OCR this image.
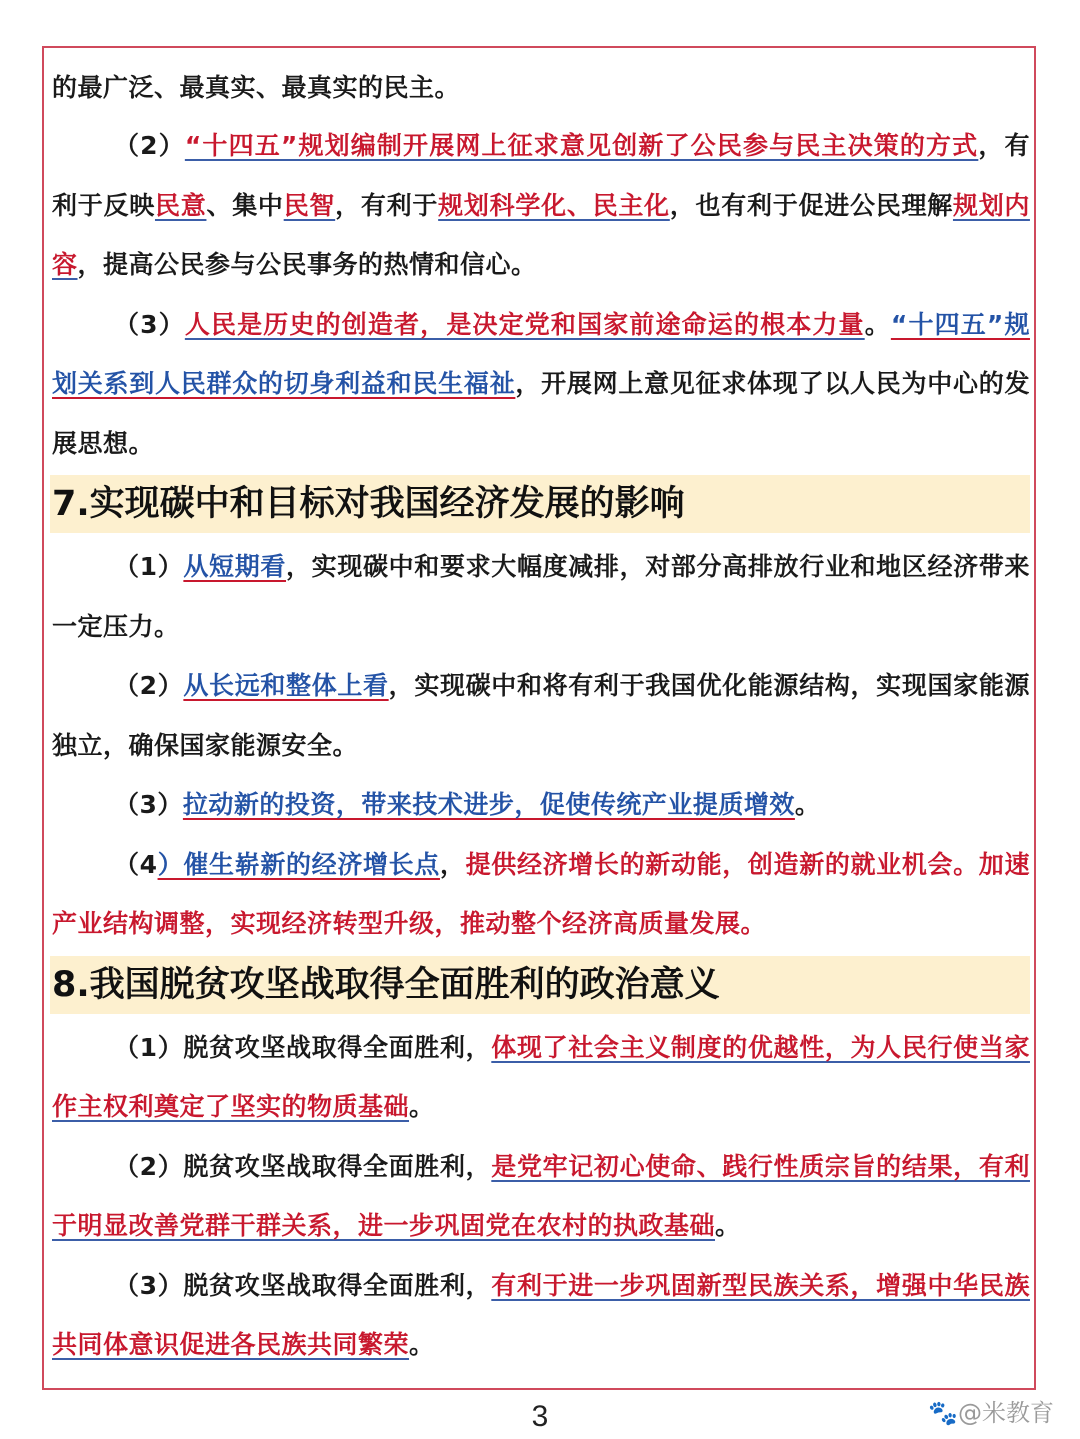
的最广泛、最真实、最真实的民主。

（2）“十四五”规划编制开展网上征求意见创新了公民参与民主决策的方式，有利于反映民意、集中民智，有利于规划科学化、民主化，也有利于促进公民理解规划内容，提高公民参与公民事务的热情和信心。

（3）人民是历史的创造者，是决定党和国家前途命运的根本力量。“十四五”规划关系到人民群众的切身利益和民生福祉，开展网上意见征求体现了以人民为中心的发展思想。

7.实现碳中和目标对我国经济发展的影响

（1）从短期看，实现碳中和要求大幅度减排，对部分高排放行业和地区经济带来一定压力。

（2）从长远和整体上看，实现碳中和将有利于我国优化能源结构，实现国家能源独立，确保国家能源安全。

（3）拉动新的投资，带来技术进步，促使传统产业提质增效。

（4）催生崭新的经济增长点，提供经济增长的新动能，创造新的就业机会。加速产业结构调整，实现经济转型升级，推动整个经济高质量发展。

8.我国脱贫攻坚战取得全面胜利的政治意义

（1）脱贫攻坚战取得全面胜利，体现了社会主义制度的优越性，为人民行使当家作主权利奠定了坚实的物质基础。

（2）脱贫攻坚战取得全面胜利，是党牢记初心使命、践行性质宗旨的结果，有利于明显改善党群干群关系，进一步巩固党在农村的执政基础。

（3）脱贫攻坚战取得全面胜利，有利于进一步巩固新型民族关系，增强中华民族共同体意识促进各民族共同繁荣。

3	🐾@米教育
